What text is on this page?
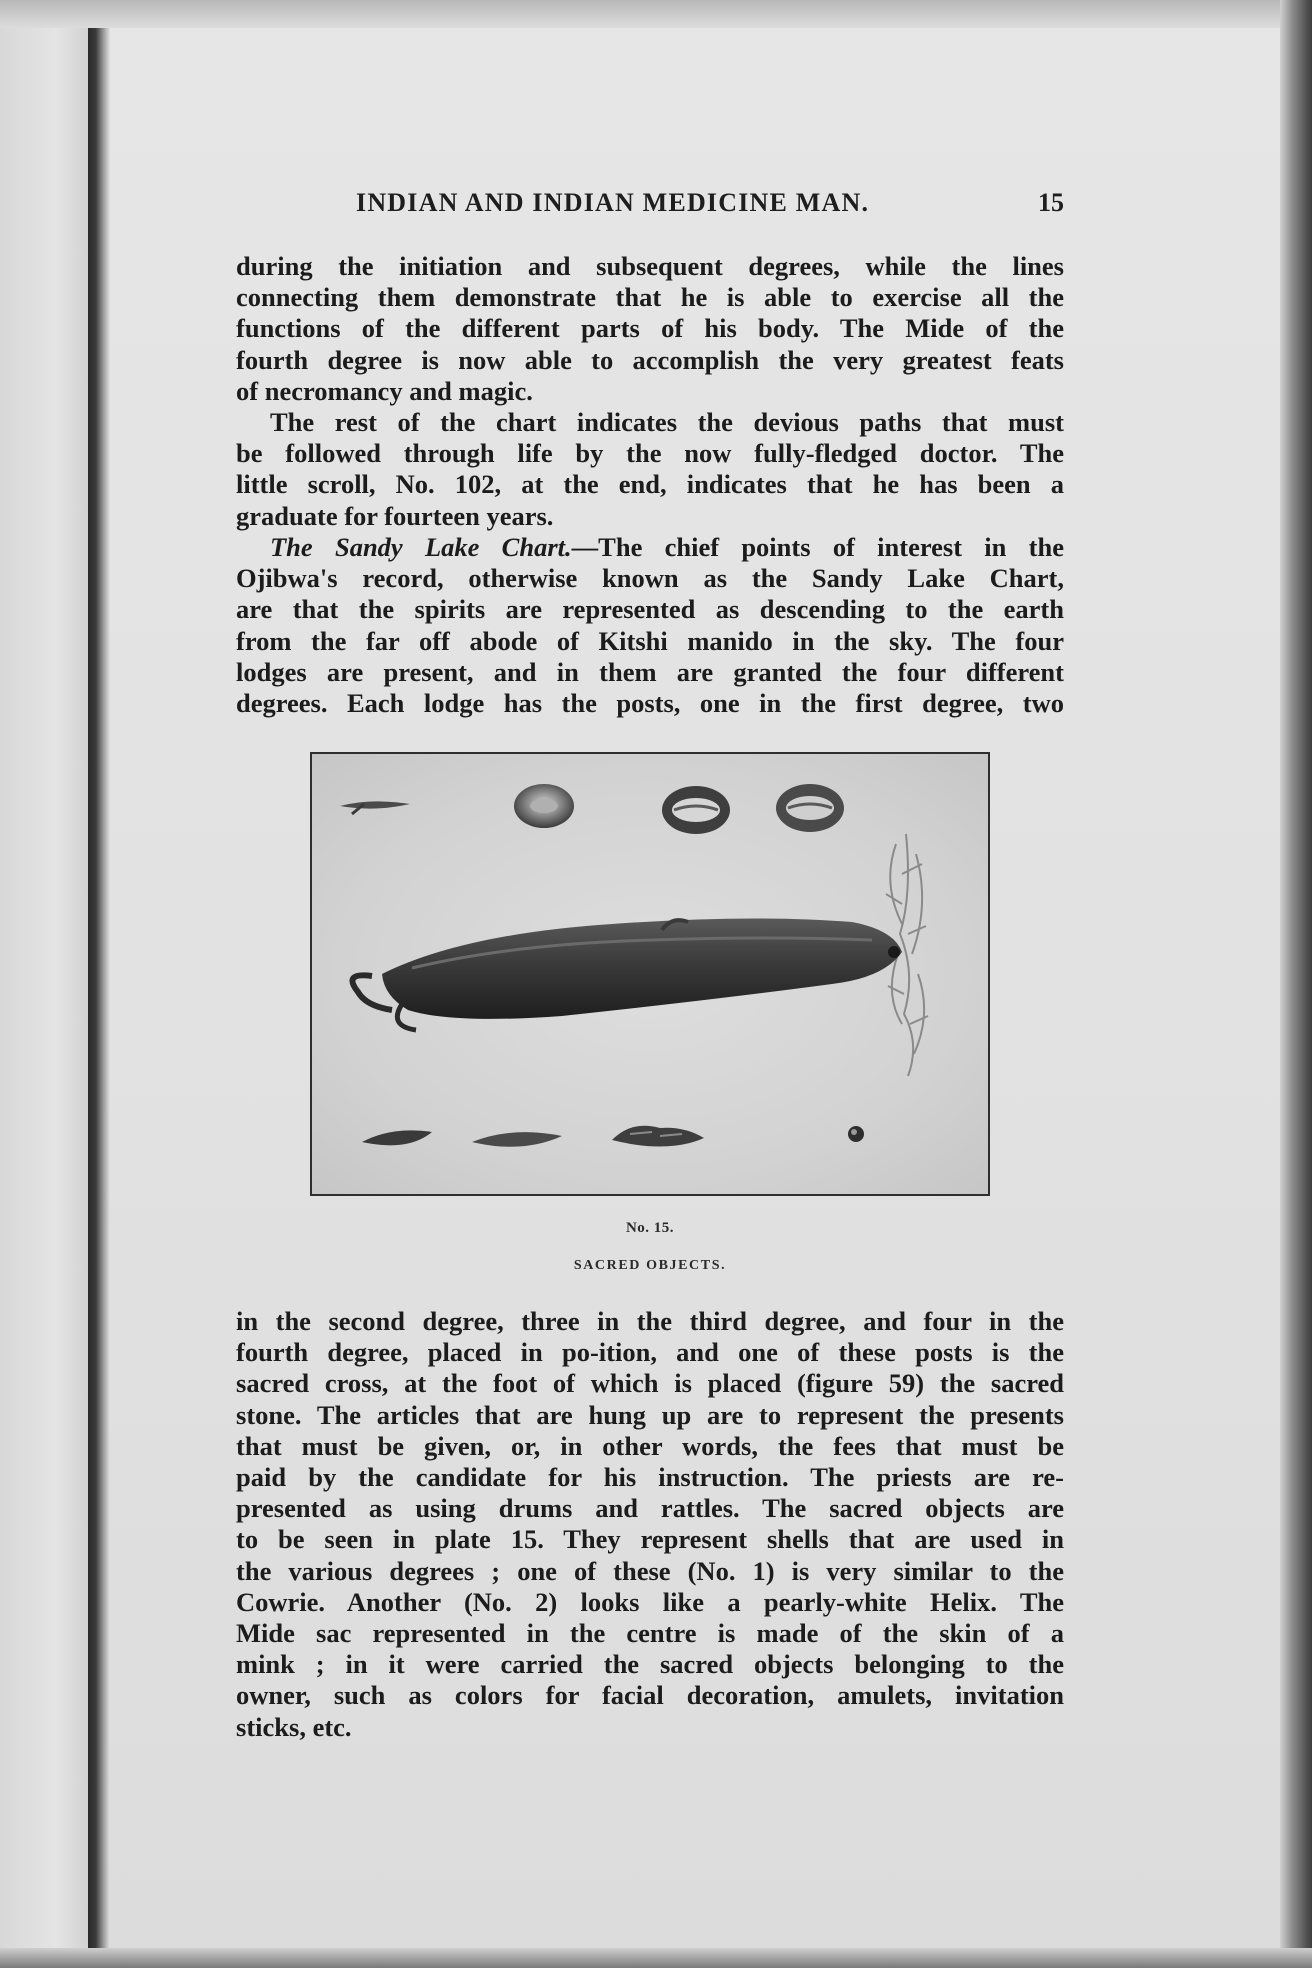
INDIAN AND INDIAN MEDICINE MAN.	15

during the initiation and subsequent degrees, while the lines

connecting them demonstrate that he is able to exercise all the

functions of the different parts of his body. The Mide of the

fourth degree is now able to accomplish the very greatest feats

of necromancy and magic.

The rest of the chart indicates the devious paths that must

be followed through life by the now fully-fledged doctor. The

little scroll, No. 102, at the end, indicates that he has been a

graduate for fourteen years.

The Sandy Lake Chart.—The chief points of interest in the

Ojibwa's record, otherwise known as the Sandy Lake Chart,

are that the spirits are represented as descending to the earth

from the far off abode of Kitshi manido in the sky. The four

lodges are present, and in them are granted the four different

degrees. Each lodge has the posts, one in the first degree, two

No. 15.
SACRED OBJECTS.

in the second degree, three in the third degree, and four in the

fourth degree, placed in po-ition, and one of these posts is the

sacred cross, at the foot of which is placed (figure 59) the sacred

stone. The articles that are hung up are to represent the presents

that must be given, or, in other words, the fees that must be

paid by the candidate for his instruction. The priests are re-

presented as using drums and rattles. The sacred objects are

to be seen in plate 15. They represent shells that are used in

the various degrees ; one of these (No. 1) is very similar to the

Cowrie. Another (No. 2) looks like a pearly-white Helix. The

Mide sac represented in the centre is made of the skin of a

mink ; in it were carried the sacred objects belonging to the

owner, such as colors for facial decoration, amulets, invitation

sticks, etc.
